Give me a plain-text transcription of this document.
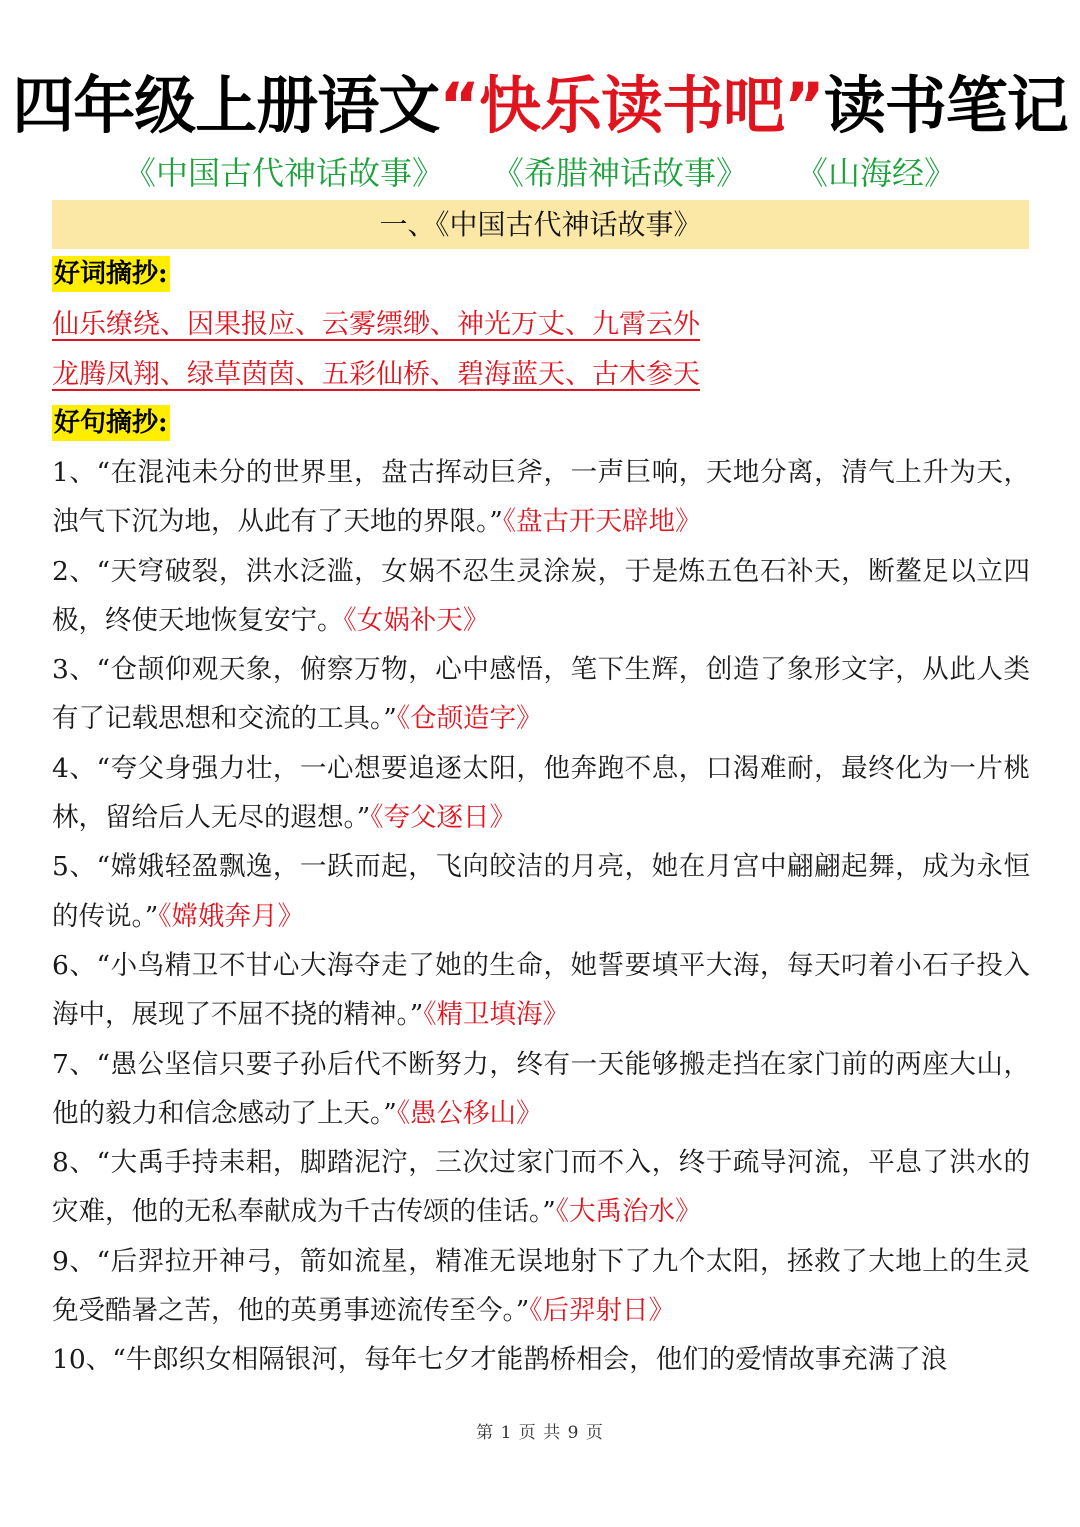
四年级上册语文“快乐读书吧”读书笔记
《中国古代神话故事》 《希腊神话故事》 《山海经》
一、《中国古代神话故事》
好词摘抄:
仙乐缭绕、因果报应、云雾缥缈、神光万丈、九霄云外
龙腾凤翔、绿草茵茵、五彩仙桥、碧海蓝天、古木参天
好句摘抄:

1、“在混沌未分的世界里，盘古挥动巨斧，一声巨响，天地分离，清气上升为天，浊气下沉为地，从此有了天地的界限。”《盘古开天辟地》

2、“天穹破裂，洪水泛滥，女娲不忍生灵涂炭，于是炼五色石补天，断鳌足以立四极，终使天地恢复安宁。《女娲补天》

3、“仓颉仰观天象，俯察万物，心中感悟，笔下生辉，创造了象形文字，从此人类有了记载思想和交流的工具。”《仓颉造字》

4、“夸父身强力壮，一心想要追逐太阳，他奔跑不息，口渴难耐，最终化为一片桃林，留给后人无尽的遐想。”《夸父逐日》

5、“嫦娥轻盈飘逸，一跃而起，飞向皎洁的月亮，她在月宫中翩翩起舞，成为永恒的传说。”《嫦娥奔月》

6、“小鸟精卫不甘心大海夺走了她的生命，她誓要填平大海，每天叼着小石子投入海中，展现了不屈不挠的精神。”《精卫填海》

7、“愚公坚信只要子孙后代不断努力，终有一天能够搬走挡在家门前的两座大山，他的毅力和信念感动了上天。”《愚公移山》

8、“大禹手持耒耜，脚踏泥泞，三次过家门而不入，终于疏导河流，平息了洪水的灾难，他的无私奉献成为千古传颂的佳话。”《大禹治水》

9、“后羿拉开神弓，箭如流星，精准无误地射下了九个太阳，拯救了大地上的生灵免受酷暑之苦，他的英勇事迹流传至今。”《后羿射日》

10、“牛郎织女相隔银河，每年七夕才能鹊桥相会，他们的爱情故事充满了浪

第 1 页 共 9 页
